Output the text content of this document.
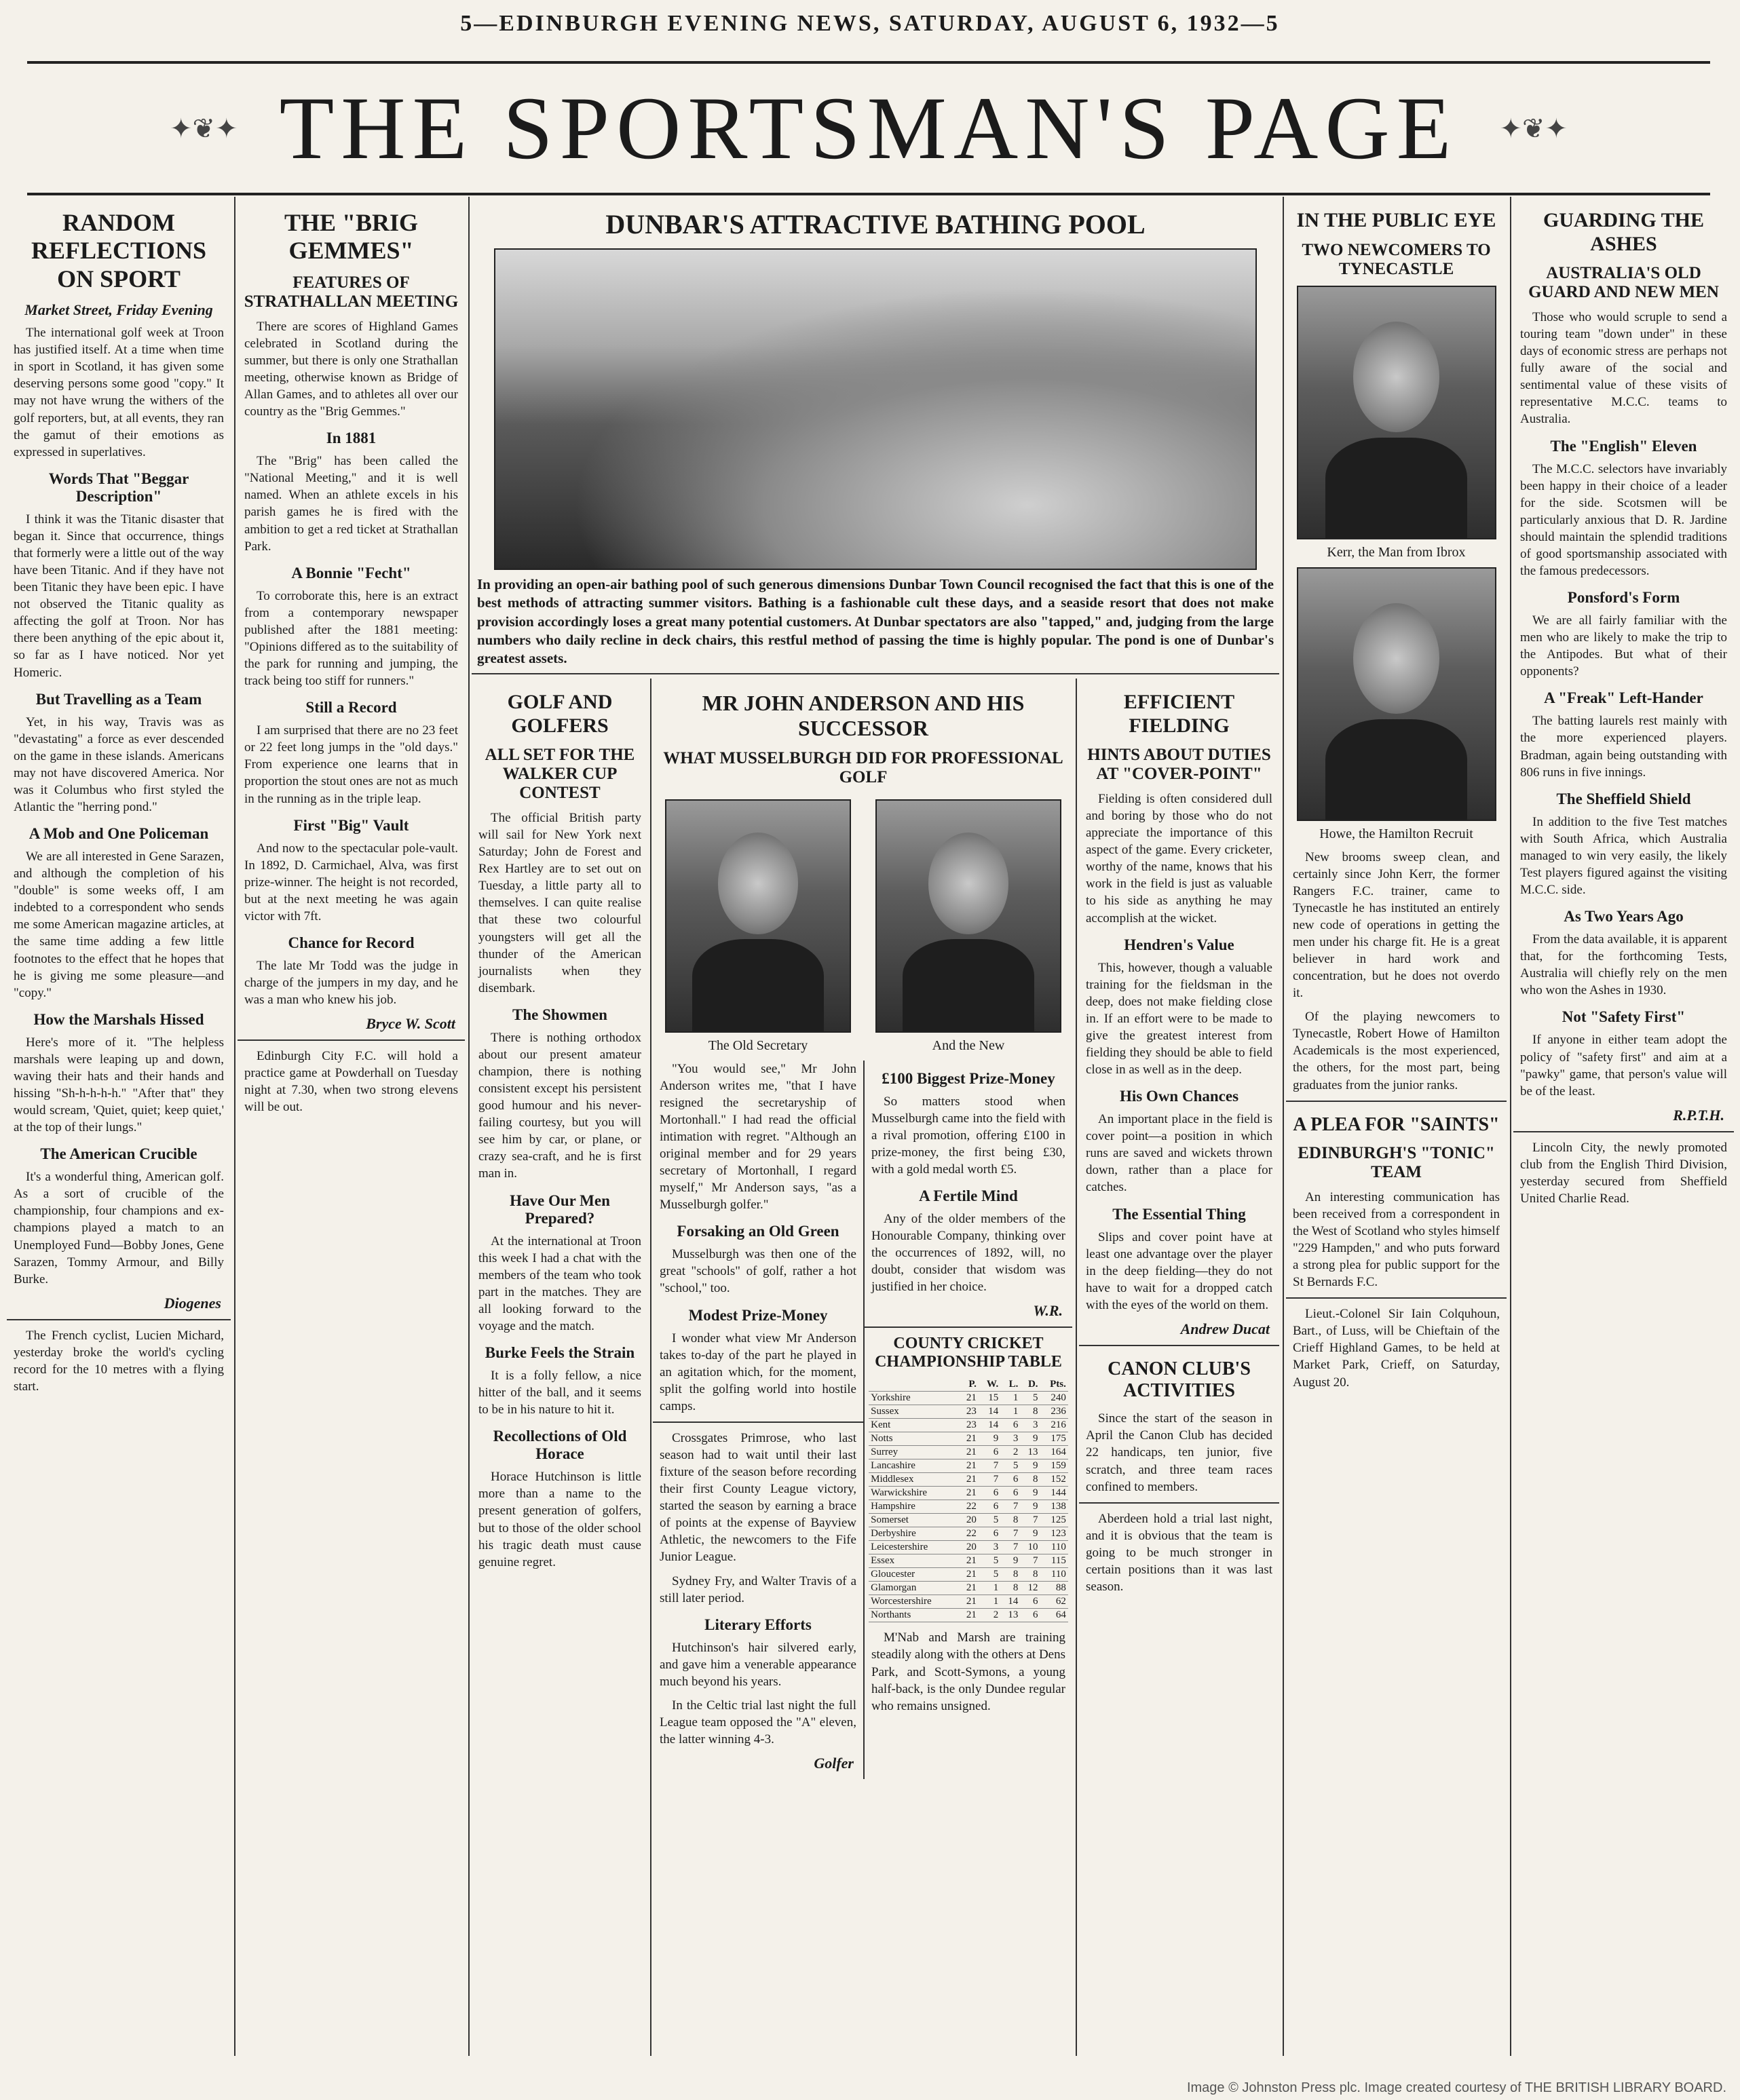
5—EDINBURGH EVENING NEWS, SATURDAY, AUGUST 6, 1932—5
✦❦✦ THE SPORTSMAN'S PAGE	✦❦✦
RANDOM REFLECTIONS ON SPORT
Market Street, Friday Evening

The international golf week at Troon has justified itself. At a time when time in sport in Scotland, it has given some deserving persons some good "copy." It may not have wrung the withers of the golf reporters, but, at all events, they ran the gamut of their emotions as expressed in superlatives.

Words That "Beggar Description"

I think it was the Titanic disaster that began it. Since that occurrence, things that formerly were a little out of the way have been Titanic. And if they have not been Titanic they have been epic. I have not observed the Titanic quality as affecting the golf at Troon. Nor has there been anything of the epic about it, so far as I have noticed. Nor yet Homeric.

But Travelling as a Team

Yet, in his way, Travis was as "devastating" a force as ever descended on the game in these islands. Americans may not have discovered America. Nor was it Columbus who first styled the Atlantic the "herring pond."

A Mob and One Policeman

We are all interested in Gene Sarazen, and although the completion of his "double" is some weeks off, I am indebted to a correspondent who sends me some American magazine articles, at the same time adding a few little footnotes to the effect that he hopes that he is giving me some pleasure—and "copy."

How the Marshals Hissed

Here's more of it. "The helpless marshals were leaping up and down, waving their hats and their hands and hissing "Sh-h-h-h-h." "After that" they would scream, 'Quiet, quiet; keep quiet,' at the top of their lungs."

The American Crucible

It's a wonderful thing, American golf. As a sort of crucible of the championship, four champions and ex-champions played a match to an Unemployed Fund—Bobby Jones, Gene Sarazen, Tommy Armour, and Billy Burke.

Diogenes

The French cyclist, Lucien Michard, yesterday broke the world's cycling record for the 10 metres with a flying start.

THE "BRIG GEMMES"
FEATURES OF STRATHALLAN MEETING

There are scores of Highland Games celebrated in Scotland during the summer, but there is only one Strathallan meeting, otherwise known as Bridge of Allan Games, and to athletes all over our country as the "Brig Gemmes."

In 1881

The "Brig" has been called the "National Meeting," and it is well named. When an athlete excels in his parish games he is fired with the ambition to get a red ticket at Strathallan Park.

A Bonnie "Fecht"

To corroborate this, here is an extract from a contemporary newspaper published after the 1881 meeting: "Opinions differed as to the suitability of the park for running and jumping, the track being too stiff for runners."

Still a Record

I am surprised that there are no 23 feet or 22 feet long jumps in the "old days." From experience one learns that in proportion the stout ones are not as much in the running as in the triple leap.

First "Big" Vault

And now to the spectacular pole-vault. In 1892, D. Carmichael, Alva, was first prize-winner. The height is not recorded, but at the next meeting he was again victor with 7ft.

Chance for Record

The late Mr Todd was the judge in charge of the jumpers in my day, and he was a man who knew his job.

Bryce W. Scott

Edinburgh City F.C. will hold a practice game at Powderhall on Tuesday night at 7.30, when two strong elevens will be out.

DUNBAR'S ATTRACTIVE BATHING POOL
In providing an open-air bathing pool of such generous dimensions Dunbar Town Council recognised the fact that this is one of the best methods of attracting summer visitors. Bathing is a fashionable cult these days, and a seaside resort that does not make provision accordingly loses a great many potential customers. At Dunbar spectators are also "tapped," and, judging from the large numbers who daily recline in deck chairs, this restful method of passing the time is highly popular. The pond is one of Dunbar's greatest assets.
GOLF AND GOLFERS
ALL SET FOR THE WALKER CUP CONTEST

The official British party will sail for New York next Saturday; John de Forest and Rex Hartley are to set out on Tuesday, a little party all to themselves. I can quite realise that these two colourful youngsters will get all the thunder of the American journalists when they disembark.

The Showmen

There is nothing orthodox about our present amateur champion, there is nothing consistent except his persistent good humour and his never-failing courtesy, but you will see him by car, or plane, or crazy sea-craft, and he is first man in.

Have Our Men Prepared?

At the international at Troon this week I had a chat with the members of the team who took part in the matches. They are all looking forward to the voyage and the match.

Burke Feels the Strain

It is a folly fellow, a nice hitter of the ball, and it seems to be in his nature to hit it.

Recollections of Old Horace

Horace Hutchinson is little more than a name to the present generation of golfers, but to those of the older school his tragic death must cause genuine regret.

MR JOHN ANDERSON AND HIS SUCCESSOR
WHAT MUSSELBURGH DID FOR PROFESSIONAL GOLF
The Old Secretary	And the New

"You would see," Mr John Anderson writes me, "that I have resigned the secretaryship of Mortonhall." I had read the official intimation with regret. "Although an original member and for 29 years secretary of Mortonhall, I regard myself," Mr Anderson says, "as a Musselburgh golfer."

Forsaking an Old Green

Musselburgh was then one of the great "schools" of golf, rather a hot "school," too.

Modest Prize-Money

I wonder what view Mr Anderson takes to-day of the part he played in an agitation which, for the moment, split the golfing world into hostile camps.

Crossgates Primrose, who last season had to wait until their last fixture of the season before recording their first County League victory, started the season by earning a brace of points at the expense of Bayview Athletic, the newcomers to the Fife Junior League.

Sydney Fry, and Walter Travis of a still later period.

Literary Efforts

Hutchinson's hair silvered early, and gave him a venerable appearance much beyond his years.

In the Celtic trial last night the full League team opposed the "A" eleven, the latter winning 4-3.

Golfer
£100 Biggest Prize-Money

So matters stood when Musselburgh came into the field with a rival promotion, offering £100 in prize-money, the first being £30, with a gold medal worth £5.

A Fertile Mind

Any of the older members of the Honourable Company, thinking over the occurrences of 1892, will, no doubt, consider that wisdom was justified in her choice.

W.R.
COUNTY CRICKET CHAMPIONSHIP TABLE
	P.	W.	L.	D.	Pts.
Yorkshire	21	15	1	5	240
Sussex	23	14	1	8	236
Kent	23	14	6	3	216
Notts	21	9	3	9	175
Surrey	21	6	2	13	164
Lancashire	21	7	5	9	159
Middlesex	21	7	6	8	152
Warwickshire	21	6	6	9	144
Hampshire	22	6	7	9	138
Somerset	20	5	8	7	125
Derbyshire	22	6	7	9	123
Leicestershire	20	3	7	10	110
Essex	21	5	9	7	115
Gloucester	21	5	8	8	110
Glamorgan	21	1	8	12	88
Worcestershire	21	1	14	6	62
Northants	21	2	13	6	64

M'Nab and Marsh are training steadily along with the others at Dens Park, and Scott-Symons, a young half-back, is the only Dundee regular who remains unsigned.

EFFICIENT FIELDING
HINTS ABOUT DUTIES AT "COVER-POINT"

Fielding is often considered dull and boring by those who do not appreciate the importance of this aspect of the game. Every cricketer, worthy of the name, knows that his work in the field is just as valuable to his side as anything he may accomplish at the wicket.

Hendren's Value

This, however, though a valuable training for the fieldsman in the deep, does not make fielding close in. If an effort were to be made to give the greatest interest from fielding they should be able to field close in as well as in the deep.

His Own Chances

An important place in the field is cover point—a position in which runs are saved and wickets thrown down, rather than a place for catches.

The Essential Thing

Slips and cover point have at least one advantage over the player in the deep fielding—they do not have to wait for a dropped catch with the eyes of the world on them.

Andrew Ducat
CANON CLUB'S ACTIVITIES

Since the start of the season in April the Canon Club has decided 22 handicaps, ten junior, five scratch, and three team races confined to members.

Aberdeen hold a trial last night, and it is obvious that the team is going to be much stronger in certain positions than it was last season.

IN THE PUBLIC EYE
TWO NEWCOMERS TO TYNECASTLE
Kerr, the Man from Ibrox
Howe, the Hamilton Recruit

New brooms sweep clean, and certainly since John Kerr, the former Rangers F.C. trainer, came to Tynecastle he has instituted an entirely new code of operations in getting the men under his charge fit. He is a great believer in hard work and concentration, but he does not overdo it.

Of the playing newcomers to Tynecastle, Robert Howe of Hamilton Academicals is the most experienced, the others, for the most part, being graduates from the junior ranks.

A PLEA FOR "SAINTS"
EDINBURGH'S "TONIC" TEAM

An interesting communication has been received from a correspondent in the West of Scotland who styles himself "229 Hampden," and who puts forward a strong plea for public support for the St Bernards F.C.

Lieut.-Colonel Sir Iain Colquhoun, Bart., of Luss, will be Chieftain of the Crieff Highland Games, to be held at Market Park, Crieff, on Saturday, August 20.

GUARDING THE ASHES
AUSTRALIA'S OLD GUARD AND NEW MEN

Those who would scruple to send a touring team "down under" in these days of economic stress are perhaps not fully aware of the social and sentimental value of these visits of representative M.C.C. teams to Australia.

The "English" Eleven

The M.C.C. selectors have invariably been happy in their choice of a leader for the side. Scotsmen will be particularly anxious that D. R. Jardine should maintain the splendid traditions of good sportsmanship associated with the famous predecessors.

Ponsford's Form

We are all fairly familiar with the men who are likely to make the trip to the Antipodes. But what of their opponents?

A "Freak" Left-Hander

The batting laurels rest mainly with the more experienced players. Bradman, again being outstanding with 806 runs in five innings.

The Sheffield Shield

In addition to the five Test matches with South Africa, which Australia managed to win very easily, the likely Test players figured against the visiting M.C.C. side.

As Two Years Ago

From the data available, it is apparent that, for the forthcoming Tests, Australia will chiefly rely on the men who won the Ashes in 1930.

Not "Safety First"

If anyone in either team adopt the policy of "safety first" and aim at a "pawky" game, that person's value will be of the least.

R.P.T.H.

Lincoln City, the newly promoted club from the English Third Division, yesterday secured from Sheffield United Charlie Read.

Image © Johnston Press plc. Image created courtesy of THE BRITISH LIBRARY BOARD.
